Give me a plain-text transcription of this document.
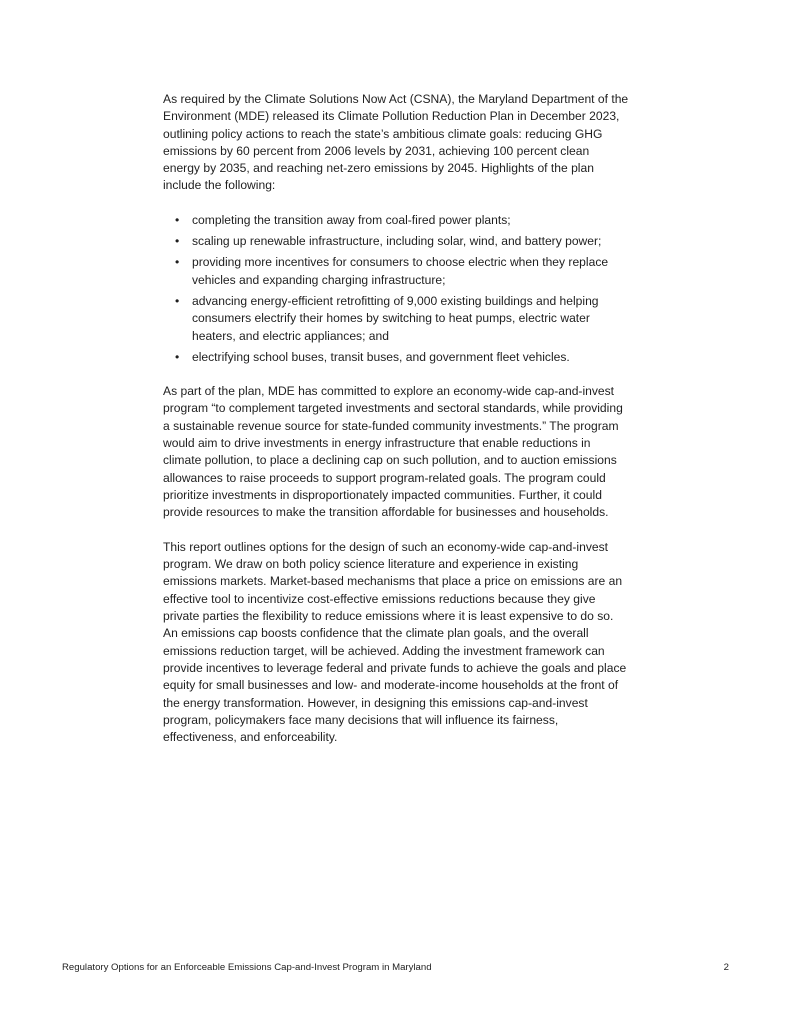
As required by the Climate Solutions Now Act (CSNA), the Maryland Department of the Environment (MDE) released its Climate Pollution Reduction Plan in December 2023, outlining policy actions to reach the state’s ambitious climate goals: reducing GHG emissions by 60 percent from 2006 levels by 2031, achieving 100 percent clean energy by 2035, and reaching net-zero emissions by 2045. Highlights of the plan include the following:

• completing the transition away from coal-fired power plants;
• scaling up renewable infrastructure, including solar, wind, and battery power;
• providing more incentives for consumers to choose electric when they replace vehicles and expanding charging infrastructure;
• advancing energy-efficient retrofitting of 9,000 existing buildings and helping consumers electrify their homes by switching to heat pumps, electric water heaters, and electric appliances; and
• electrifying school buses, transit buses, and government fleet vehicles.

As part of the plan, MDE has committed to explore an economy-wide cap-and-invest program “to complement targeted investments and sectoral standards, while providing a sustainable revenue source for state-funded community investments.” The program would aim to drive investments in energy infrastructure that enable reductions in climate pollution, to place a declining cap on such pollution, and to auction emissions allowances to raise proceeds to support program-related goals. The program could prioritize investments in disproportionately impacted communities. Further, it could provide resources to make the transition affordable for businesses and households.

This report outlines options for the design of such an economy-wide cap-and-invest program. We draw on both policy science literature and experience in existing emissions markets. Market-based mechanisms that place a price on emissions are an effective tool to incentivize cost-effective emissions reductions because they give private parties the flexibility to reduce emissions where it is least expensive to do so. An emissions cap boosts confidence that the climate plan goals, and the overall emissions reduction target, will be achieved. Adding the investment framework can provide incentives to leverage federal and private funds to achieve the goals and place equity for small businesses and low- and moderate-income households at the front of the energy transformation. However, in designing this emissions cap-and-invest program, policymakers face many decisions that will influence its fairness, effectiveness, and enforceability.

Regulatory Options for an Enforceable Emissions Cap-and-Invest Program in Maryland	2
